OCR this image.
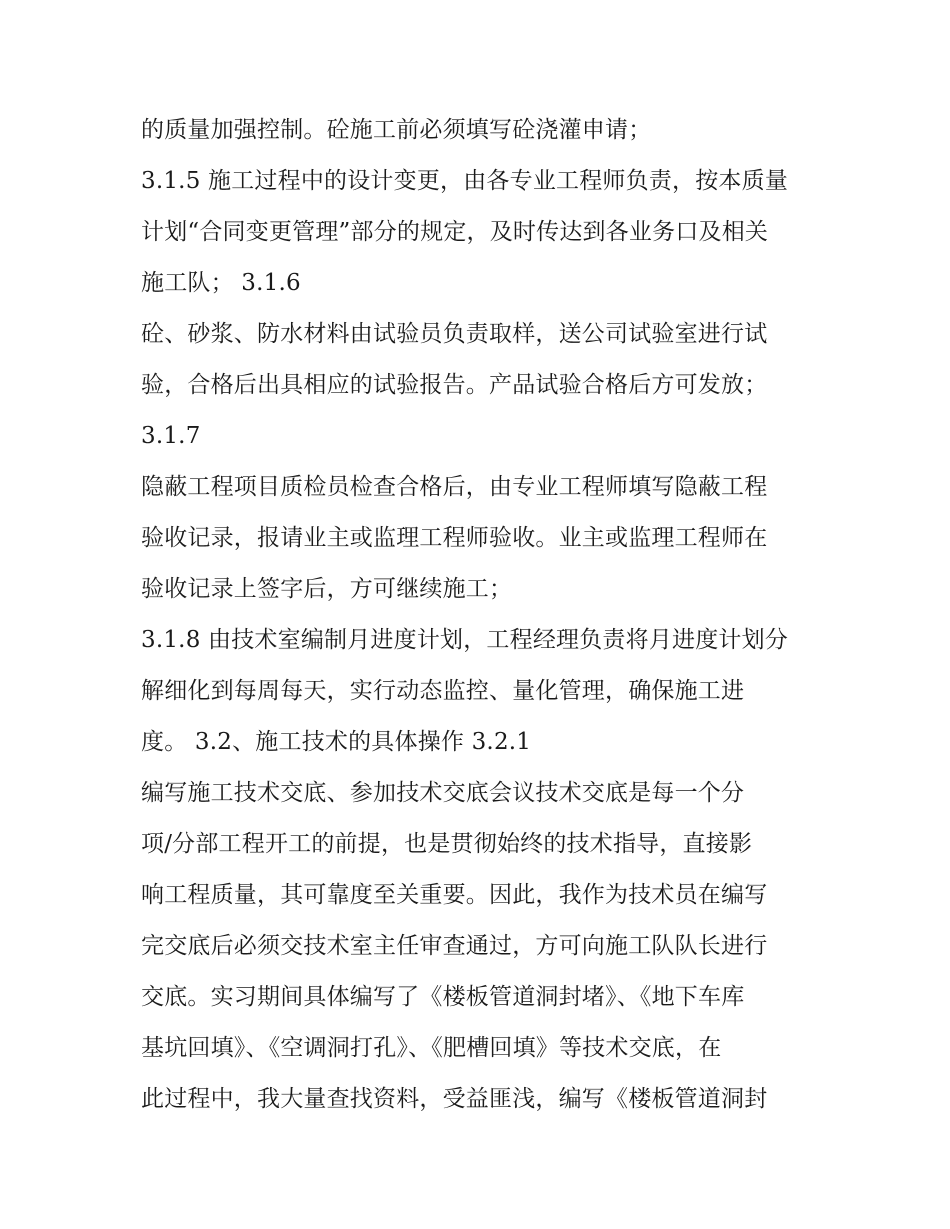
的质量加强控制。砼施工前必须填写砼浇灌申请；
3.1.5 施工过程中的设计变更，由各专业工程师负责，按本质量
计划“合同变更管理”部分的规定，及时传达到各业务口及相关
施工队； 3.1.6
砼、砂浆、防水材料由试验员负责取样，送公司试验室进行试
验，合格后出具相应的试验报告。产品试验合格后方可发放；
3.1.7
隐蔽工程项目质检员检查合格后，由专业工程师填写隐蔽工程
验收记录，报请业主或监理工程师验收。业主或监理工程师在
验收记录上签字后，方可继续施工；
3.1.8 由技术室编制月进度计划，工程经理负责将月进度计划分
解细化到每周每天，实行动态监控、量化管理，确保施工进
度。 3.2、施工技术的具体操作 3.2.1
编写施工技术交底、参加技术交底会议技术交底是每一个分
项/分部工程开工的前提，也是贯彻始终的技术指导，直接影
响工程质量，其可靠度至关重要。因此，我作为技术员在编写
完交底后必须交技术室主任审查通过，方可向施工队队长进行
交底。实习期间具体编写了《楼板管道洞封堵》、《地下车库
基坑回填》、《空调洞打孔》、《肥槽回填》等技术交底，在
此过程中，我大量查找资料，受益匪浅，编写《楼板管道洞封
